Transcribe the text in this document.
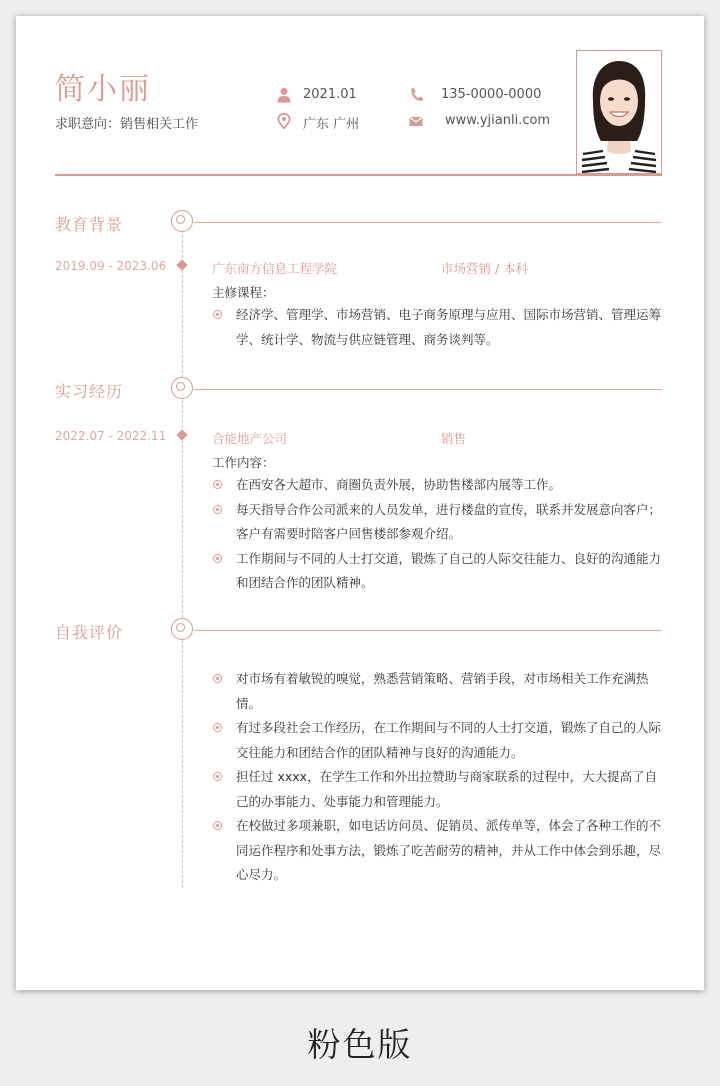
简小丽
求职意向：销售相关工作
2021.01	135-0000-0000
广东 广州	www.yjianli.com
教育背景
2019.09 - 2023.06	广东南方信息工程学院	市场营销 / 本科
主修课程：
经济学、管理学、市场营销、电子商务原理与应用、国际市场营销、管理运筹学、统计学、物流与供应链管理、商务谈判等。
实习经历
2022.07 - 2022.11	合能地产公司	销售
工作内容：
在西安各大超市、商圈负责外展，协助售楼部内展等工作。
每天指导合作公司派来的人员发单，进行楼盘的宣传，联系并发展意向客户；客户有需要时陪客户回售楼部参观介绍。
工作期间与不同的人士打交道，锻炼了自己的人际交往能力、良好的沟通能力和团结合作的团队精神。
自我评价
对市场有着敏锐的嗅觉，熟悉营销策略、营销手段，对市场相关工作充满热情。
有过多段社会工作经历，在工作期间与不同的人士打交道，锻炼了自己的人际交往能力和团结合作的团队精神与良好的沟通能力。
担任过 xxxx，在学生工作和外出拉赞助与商家联系的过程中，大大提高了自己的办事能力、处事能力和管理能力。
在校做过多项兼职，如电话访问员、促销员、派传单等，体会了各种工作的不同运作程序和处事方法，锻炼了吃苦耐劳的精神，并从工作中体会到乐趣，尽心尽力。
粉色版
